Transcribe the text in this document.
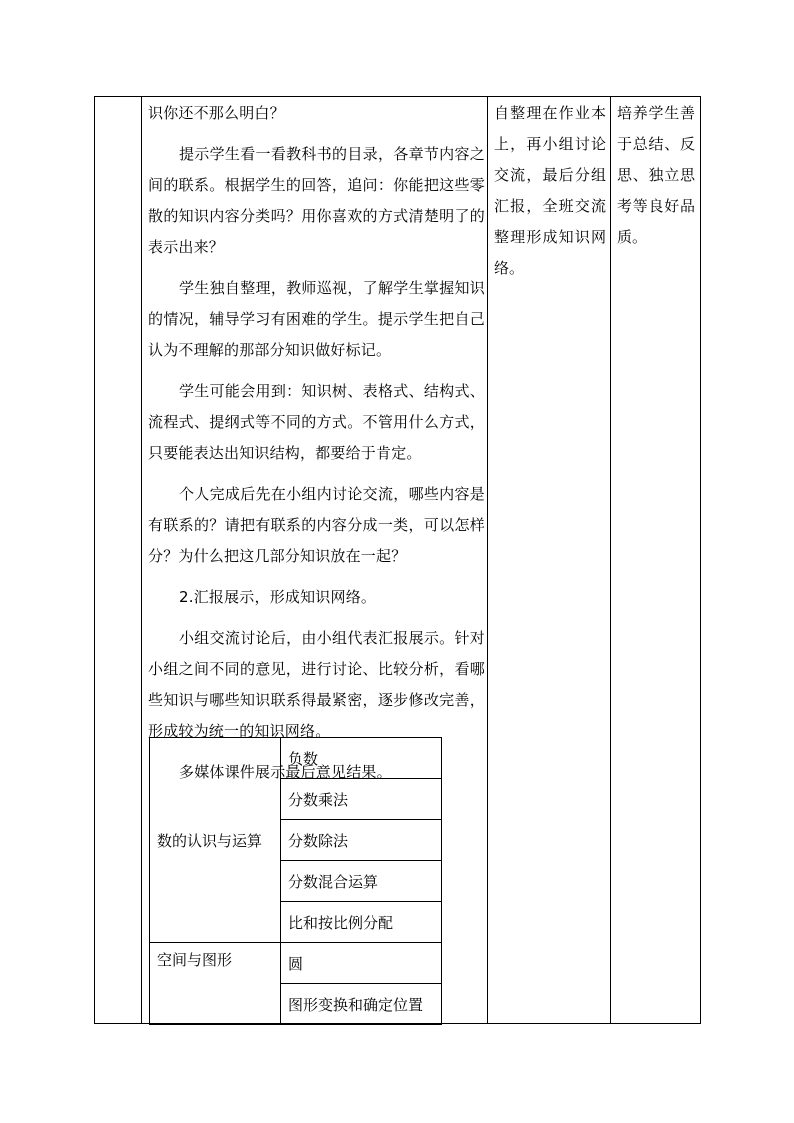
识你还不那么明白？

提示学生看一看教科书的目录，各章节内容之间的联系。根据学生的回答，追问：你能把这些零散的知识内容分类吗？用你喜欢的方式清楚明了的表示出来？

学生独自整理，教师巡视，了解学生掌握知识的情况，辅导学习有困难的学生。提示学生把自己认为不理解的那部分知识做好标记。

学生可能会用到：知识树、表格式、结构式、流程式、提纲式等不同的方式。不管用什么方式，只要能表达出知识结构，都要给于肯定。

个人完成后先在小组内讨论交流，哪些内容是有联系的？请把有联系的内容分成一类，可以怎样分？为什么把这几部分知识放在一起？

2.汇报展示，形成知识网络。

小组交流讨论后，由小组代表汇报展示。针对小组之间不同的意见，进行讨论、比较分析，看哪些知识与哪些知识联系得最紧密，逐步修改完善，形成较为统一的知识网络。

多媒体课件展示最后意见结果。

自整理在作业本上，再小组讨论交流，最后分组汇报，全班交流整理形成知识网络。
培养学生善于总结、反思、独立思考等良好品质。
数的认识与运算	负数
	分数乘法
	分数除法
	分数混合运算
	比和按比例分配
空间与图形	圆
	图形变换和确定位置
